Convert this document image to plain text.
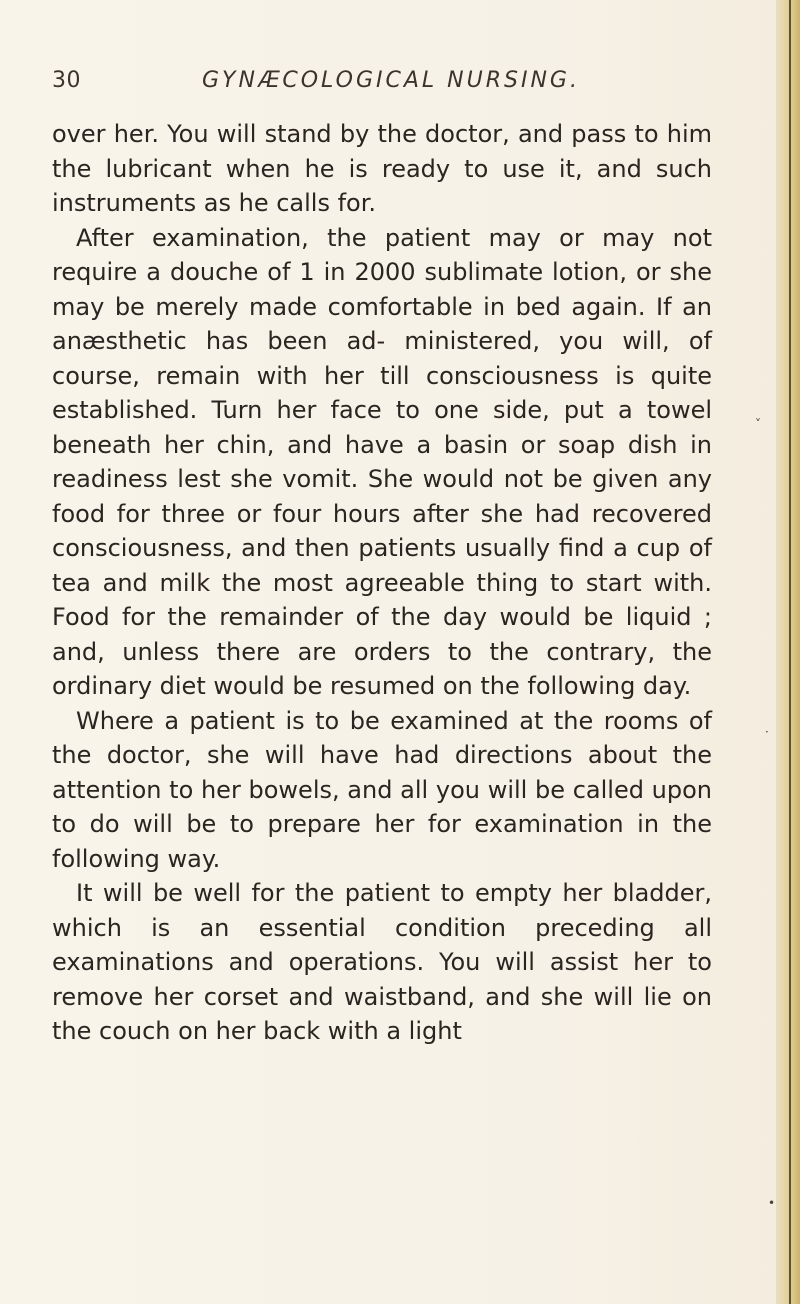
30	GYNÆCOLOGICAL NURSING.

over her. You will stand by the doctor, and pass to him the lubricant when he is ready to use it, and such instruments as he calls for.

After examination, the patient may or may not require a douche of 1 in 2000 sublimate lotion, or she may be merely made comfortable in bed again. If an anæsthetic has been ad- ministered, you will, of course, remain with her till consciousness is quite established. Turn her face to one side, put a towel beneath her chin, and have a basin or soap dish in readiness lest she vomit. She would not be given any food for three or four hours after she had recovered consciousness, and then patients usually find a cup of tea and milk the most agreeable thing to start with. Food for the remainder of the day would be liquid ; and, unless there are orders to the contrary, the ordinary diet would be resumed on the following day.

Where a patient is to be examined at the rooms of the doctor, she will have had directions about the attention to her bowels, and all you will be called upon to do will be to prepare her for examination in the following way.

It will be well for the patient to empty her bladder, which is an essential condition preceding all examinations and operations. You will assist her to remove her corset and waistband, and she will lie on the couch on her back with a light

˅
·
•
